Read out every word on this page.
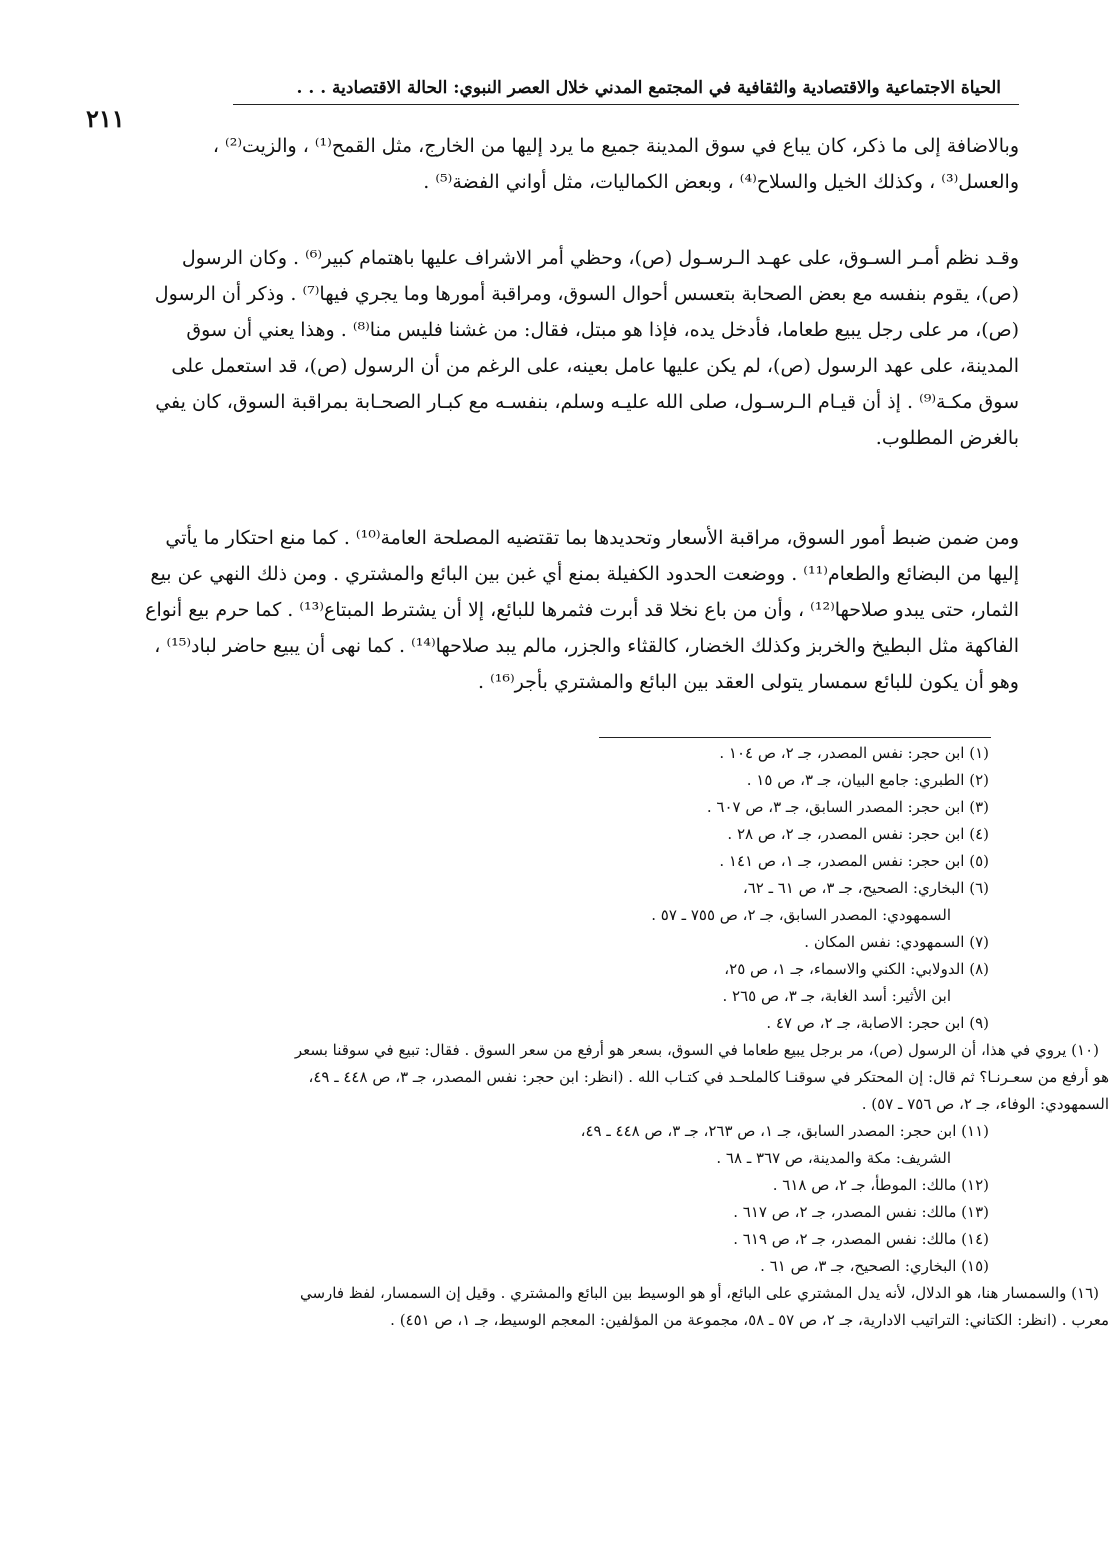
الحياة الاجتماعية والاقتصادية والثقافية في المجتمع المدني خلال العصر النبوي: الحالة الاقتصادية . . .
٢١١
وبالاضافة إلى ما ذكر، كان يباع في سوق المدينة جميع ما يرد إليها من الخارج، مثل القمح⁽¹⁾ ، والزيت⁽²⁾ ،
والعسل⁽³⁾ ، وكذلك الخيل والسلاح⁽⁴⁾ ، وبعض الكماليات، مثل أواني الفضة⁽⁵⁾ .
وقـد نظم أمـر السـوق، على عهـد الـرسـول (ص)، وحظي أمر الاشراف عليها باهتمام كبير⁽⁶⁾ . وكان الرسول
(ص)، يقوم بنفسه مع بعض الصحابة بتعسس أحوال السوق، ومراقبة أمورها وما يجري فيها⁽⁷⁾ . وذكر أن الرسول
(ص)، مر على رجل يبيع طعاما، فأدخل يده، فإذا هو مبتل، فقال: من غشنا فليس منا⁽⁸⁾ . وهذا يعني أن سوق
المدينة، على عهد الرسول (ص)، لم يكن عليها عامل بعينه، على الرغم من أن الرسول (ص)، قد استعمل على
سوق مكـة⁽⁹⁾ . إذ أن قيـام الـرسـول، صلى الله عليـه وسلم، بنفسـه مع كبـار الصحـابة بمراقبة السوق، كان يفي
بالغرض المطلوب.
ومن ضمن ضبط أمور السوق، مراقبة الأسعار وتحديدها بما تقتضيه المصلحة العامة⁽¹⁰⁾ . كما منع احتكار ما يأتي
إليها من البضائع والطعام⁽¹¹⁾ . ووضعت الحدود الكفيلة بمنع أي غبن بين البائع والمشتري . ومن ذلك النهي عن بيع
الثمار، حتى يبدو صلاحها⁽¹²⁾ ، وأن من باع نخلا قد أبرت فثمرها للبائع، إلا أن يشترط المبتاع⁽¹³⁾ . كما حرم بيع أنواع
الفاكهة مثل البطيخ والخربز وكذلك الخضار، كالقثاء والجزر، مالم يبد صلاحها⁽¹⁴⁾ . كما نهى أن يبيع حاضر لباد⁽¹⁵⁾ ،
وهو أن يكون للبائع سمسار يتولى العقد بين البائع والمشتري بأجر⁽¹⁶⁾ .
(١) ابن حجر: نفس المصدر، جـ ٢، ص ١٠٤ .
(٢) الطبري: جامع البيان، جـ ٣، ص ١٥ .
(٣) ابن حجر: المصدر السابق، جـ ٣، ص ٦٠٧ .
(٤) ابن حجر: نفس المصدر، جـ ٢، ص ٢٨ .
(٥) ابن حجر: نفس المصدر، جـ ١، ص ١٤١ .
(٦) البخاري: الصحيح، جـ ٣، ص ٦١ ـ ٦٢،
السمهودي: المصدر السابق، جـ ٢، ص ٧٥٥ ـ ٥٧ .
(٧) السمهودي: نفس المكان .
(٨) الدولابي: الكني والاسماء، جـ ١، ص ٢٥،
ابن الأثير: أسد الغابة، جـ ٣، ص ٢٦٥ .
(٩) ابن حجر: الاصابة، جـ ٢، ص ٤٧ .
(١٠) يروي في هذا، أن الرسول (ص)، مر برجل يبيع طعاما في السوق، بسعر هو أرفع من سعر السوق . فقال: تبيع في سوقنا بسعر
هو أرفع من سعـرنـا؟ ثم قال: إن المحتكر في سوقنـا كالملحـد في كتـاب الله . (انظر: ابن حجر: نفس المصدر، جـ ٣، ص ٤٤٨ ـ ٤٩،
السمهودي: الوفاء، جـ ٢، ص ٧٥٦ ـ ٥٧) .
(١١) ابن حجر: المصدر السابق، جـ ١، ص ٢٦٣، جـ ٣، ص ٤٤٨ ـ ٤٩،
الشريف: مكة والمدينة، ص ٣٦٧ ـ ٦٨ .
(١٢) مالك: الموطأ، جـ ٢، ص ٦١٨ .
(١٣) مالك: نفس المصدر، جـ ٢، ص ٦١٧ .
(١٤) مالك: نفس المصدر، جـ ٢، ص ٦١٩ .
(١٥) البخاري: الصحيح، جـ ٣، ص ٦١ .
(١٦) والسمسار هنا، هو الدلال، لأنه يدل المشتري على البائع، أو هو الوسيط بين البائع والمشتري . وقيل إن السمسار، لفظ فارسي
معرب . (انظر: الكتاني: التراتيب الادارية، جـ ٢، ص ٥٧ ـ ٥٨، مجموعة من المؤلفين: المعجم الوسيط، جـ ١، ص ٤٥١) .
